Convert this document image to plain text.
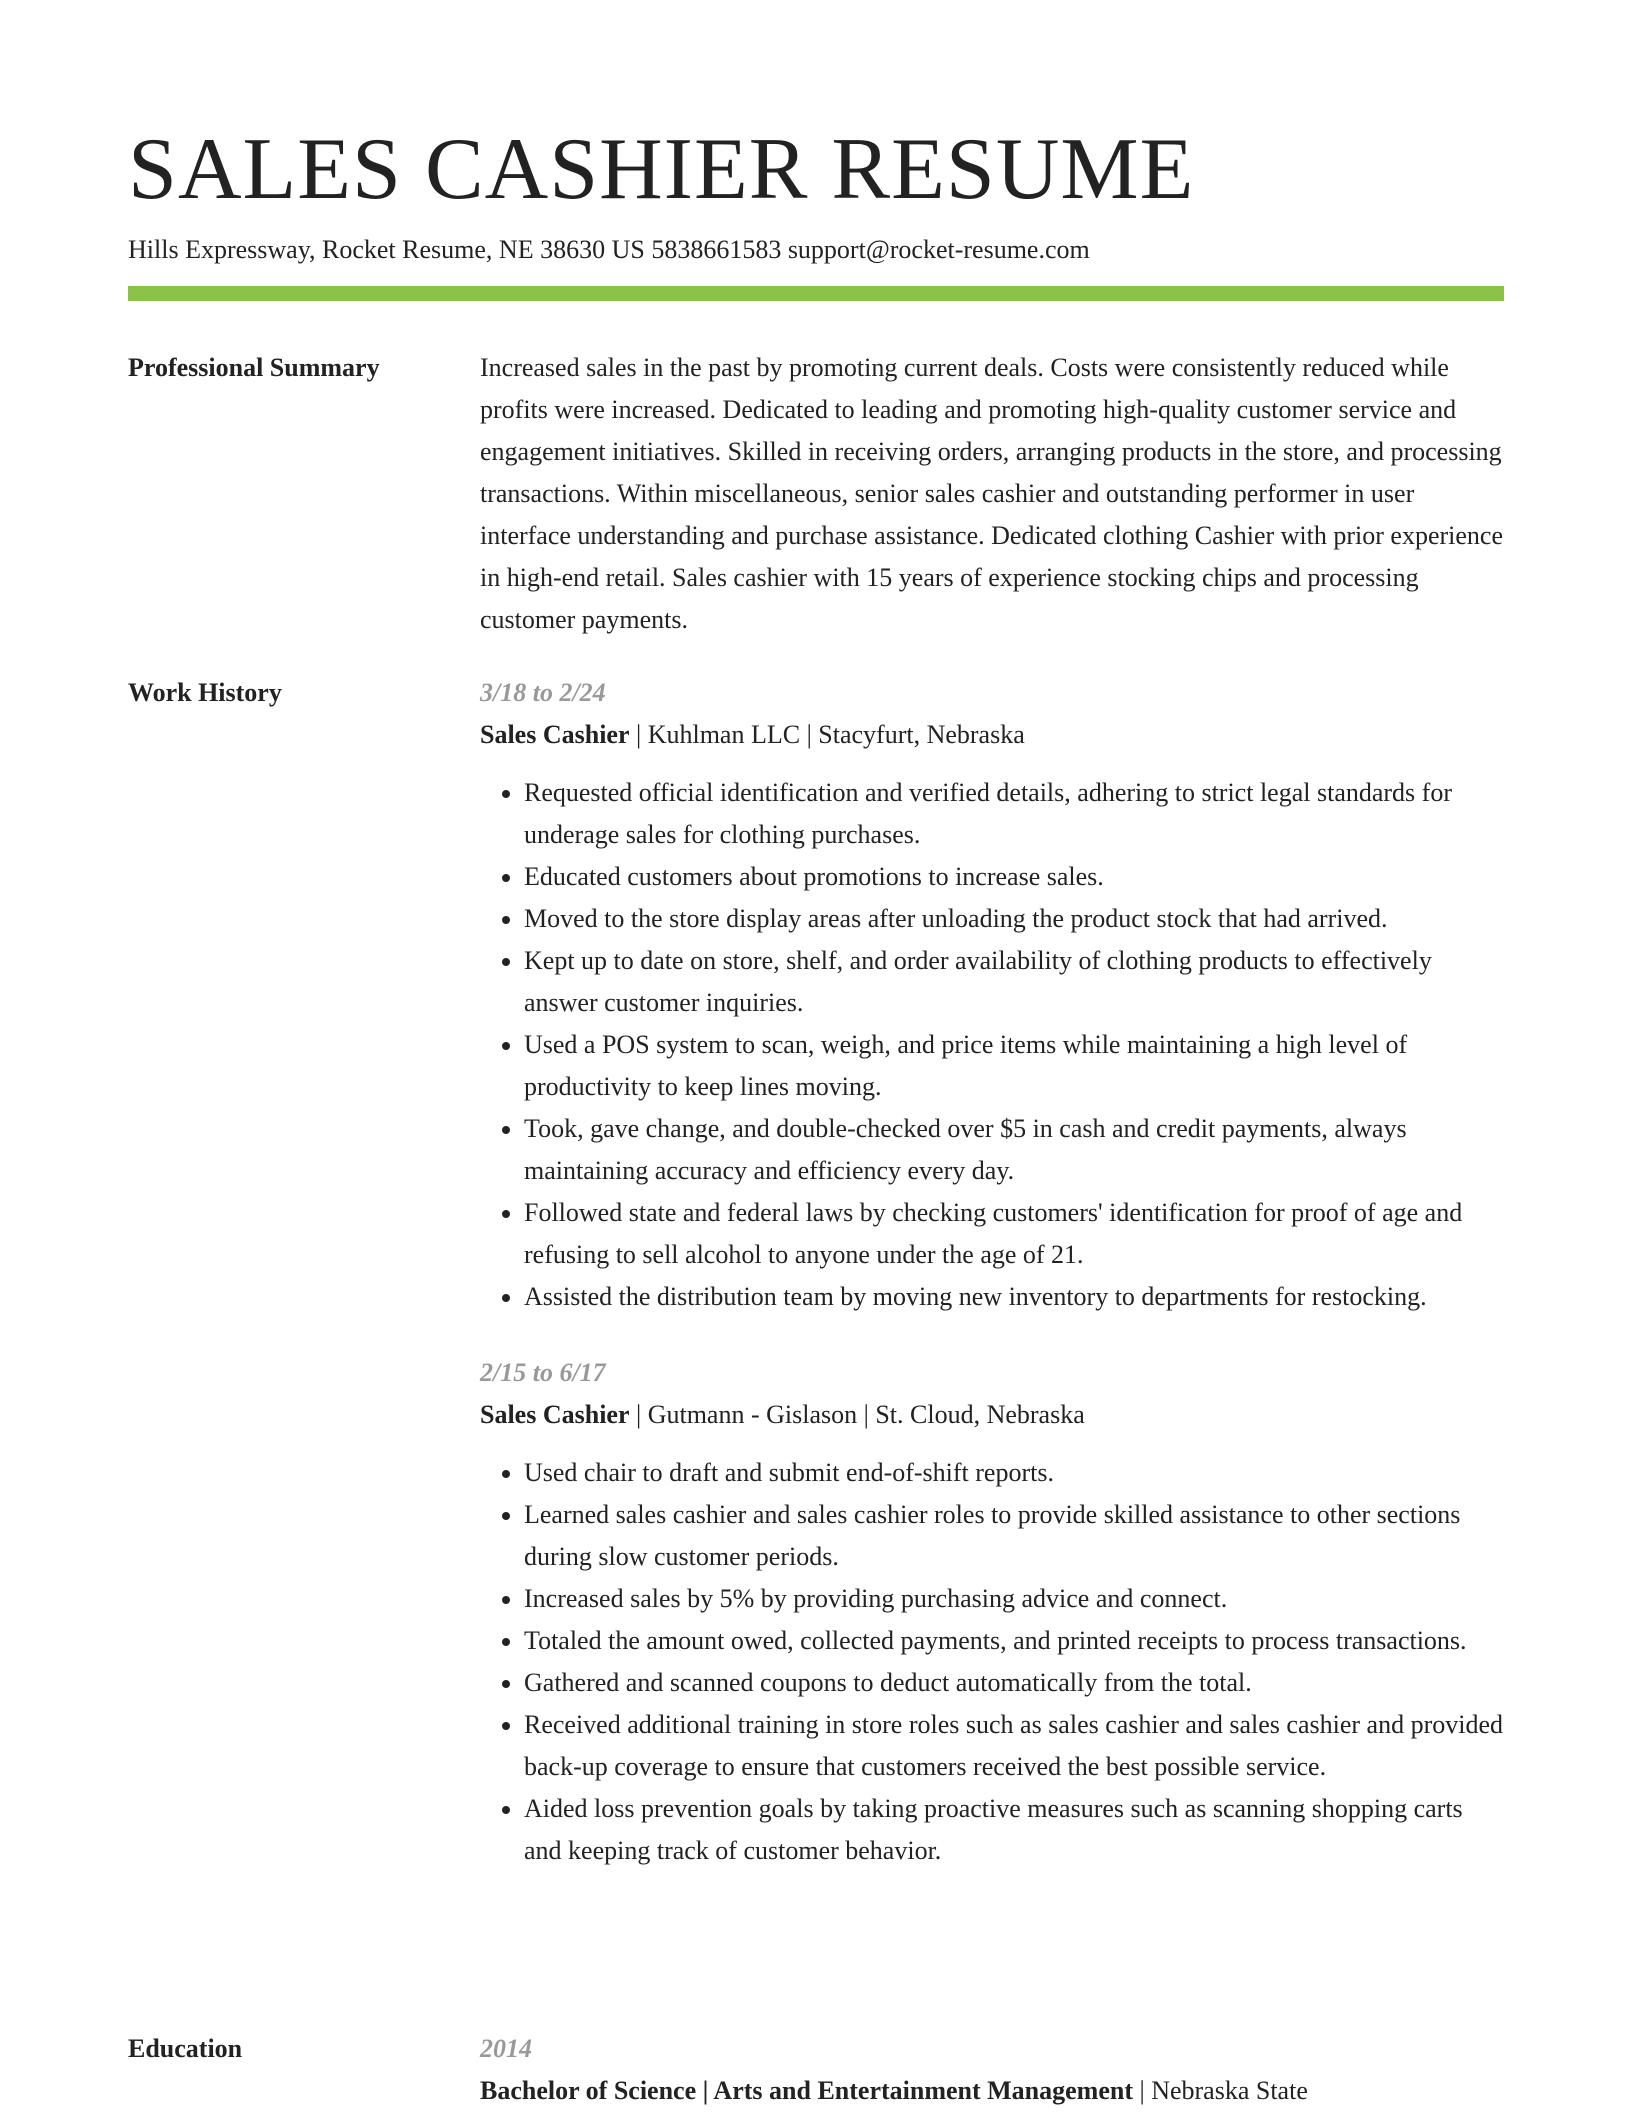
SALES CASHIER RESUME
Hills Expressway, Rocket Resume, NE 38630 US 5838661583 support@rocket-resume.com
Professional Summary	Increased sales in the past by promoting current deals. Costs were consistently reduced while profits were increased. Dedicated to leading and promoting high-quality customer service and engagement initiatives. Skilled in receiving orders, arranging products in the store, and processing transactions. Within miscellaneous, senior sales cashier and outstanding performer in user interface understanding and purchase assistance. Dedicated clothing Cashier with prior experience in high-end retail. Sales cashier with 15 years of experience stocking chips and processing customer payments.

Work History	3/18 to 2/24
Sales Cashier | Kuhlman LLC | Stacyfurt, Nebraska
• Requested official identification and verified details, adhering to strict legal standards for underage sales for clothing purchases.
• Educated customers about promotions to increase sales.
• Moved to the store display areas after unloading the product stock that had arrived.
• Kept up to date on store, shelf, and order availability of clothing products to effectively answer customer inquiries.
• Used a POS system to scan, weigh, and price items while maintaining a high level of productivity to keep lines moving.
• Took, gave change, and double-checked over $5 in cash and credit payments, always maintaining accuracy and efficiency every day.
• Followed state and federal laws by checking customers' identification for proof of age and refusing to sell alcohol to anyone under the age of 21.
• Assisted the distribution team by moving new inventory to departments for restocking.
2/15 to 6/17
Sales Cashier | Gutmann - Gislason | St. Cloud, Nebraska
• Used chair to draft and submit end-of-shift reports.
• Learned sales cashier and sales cashier roles to provide skilled assistance to other sections during slow customer periods.
• Increased sales by 5% by providing purchasing advice and connect.
• Totaled the amount owed, collected payments, and printed receipts to process transactions.
• Gathered and scanned coupons to deduct automatically from the total.
• Received additional training in store roles such as sales cashier and sales cashier and provided back-up coverage to ensure that customers received the best possible service.
• Aided loss prevention goals by taking proactive measures such as scanning shopping carts and keeping track of customer behavior.
Education	2014
Bachelor of Science | Arts and Entertainment Management | Nebraska State
